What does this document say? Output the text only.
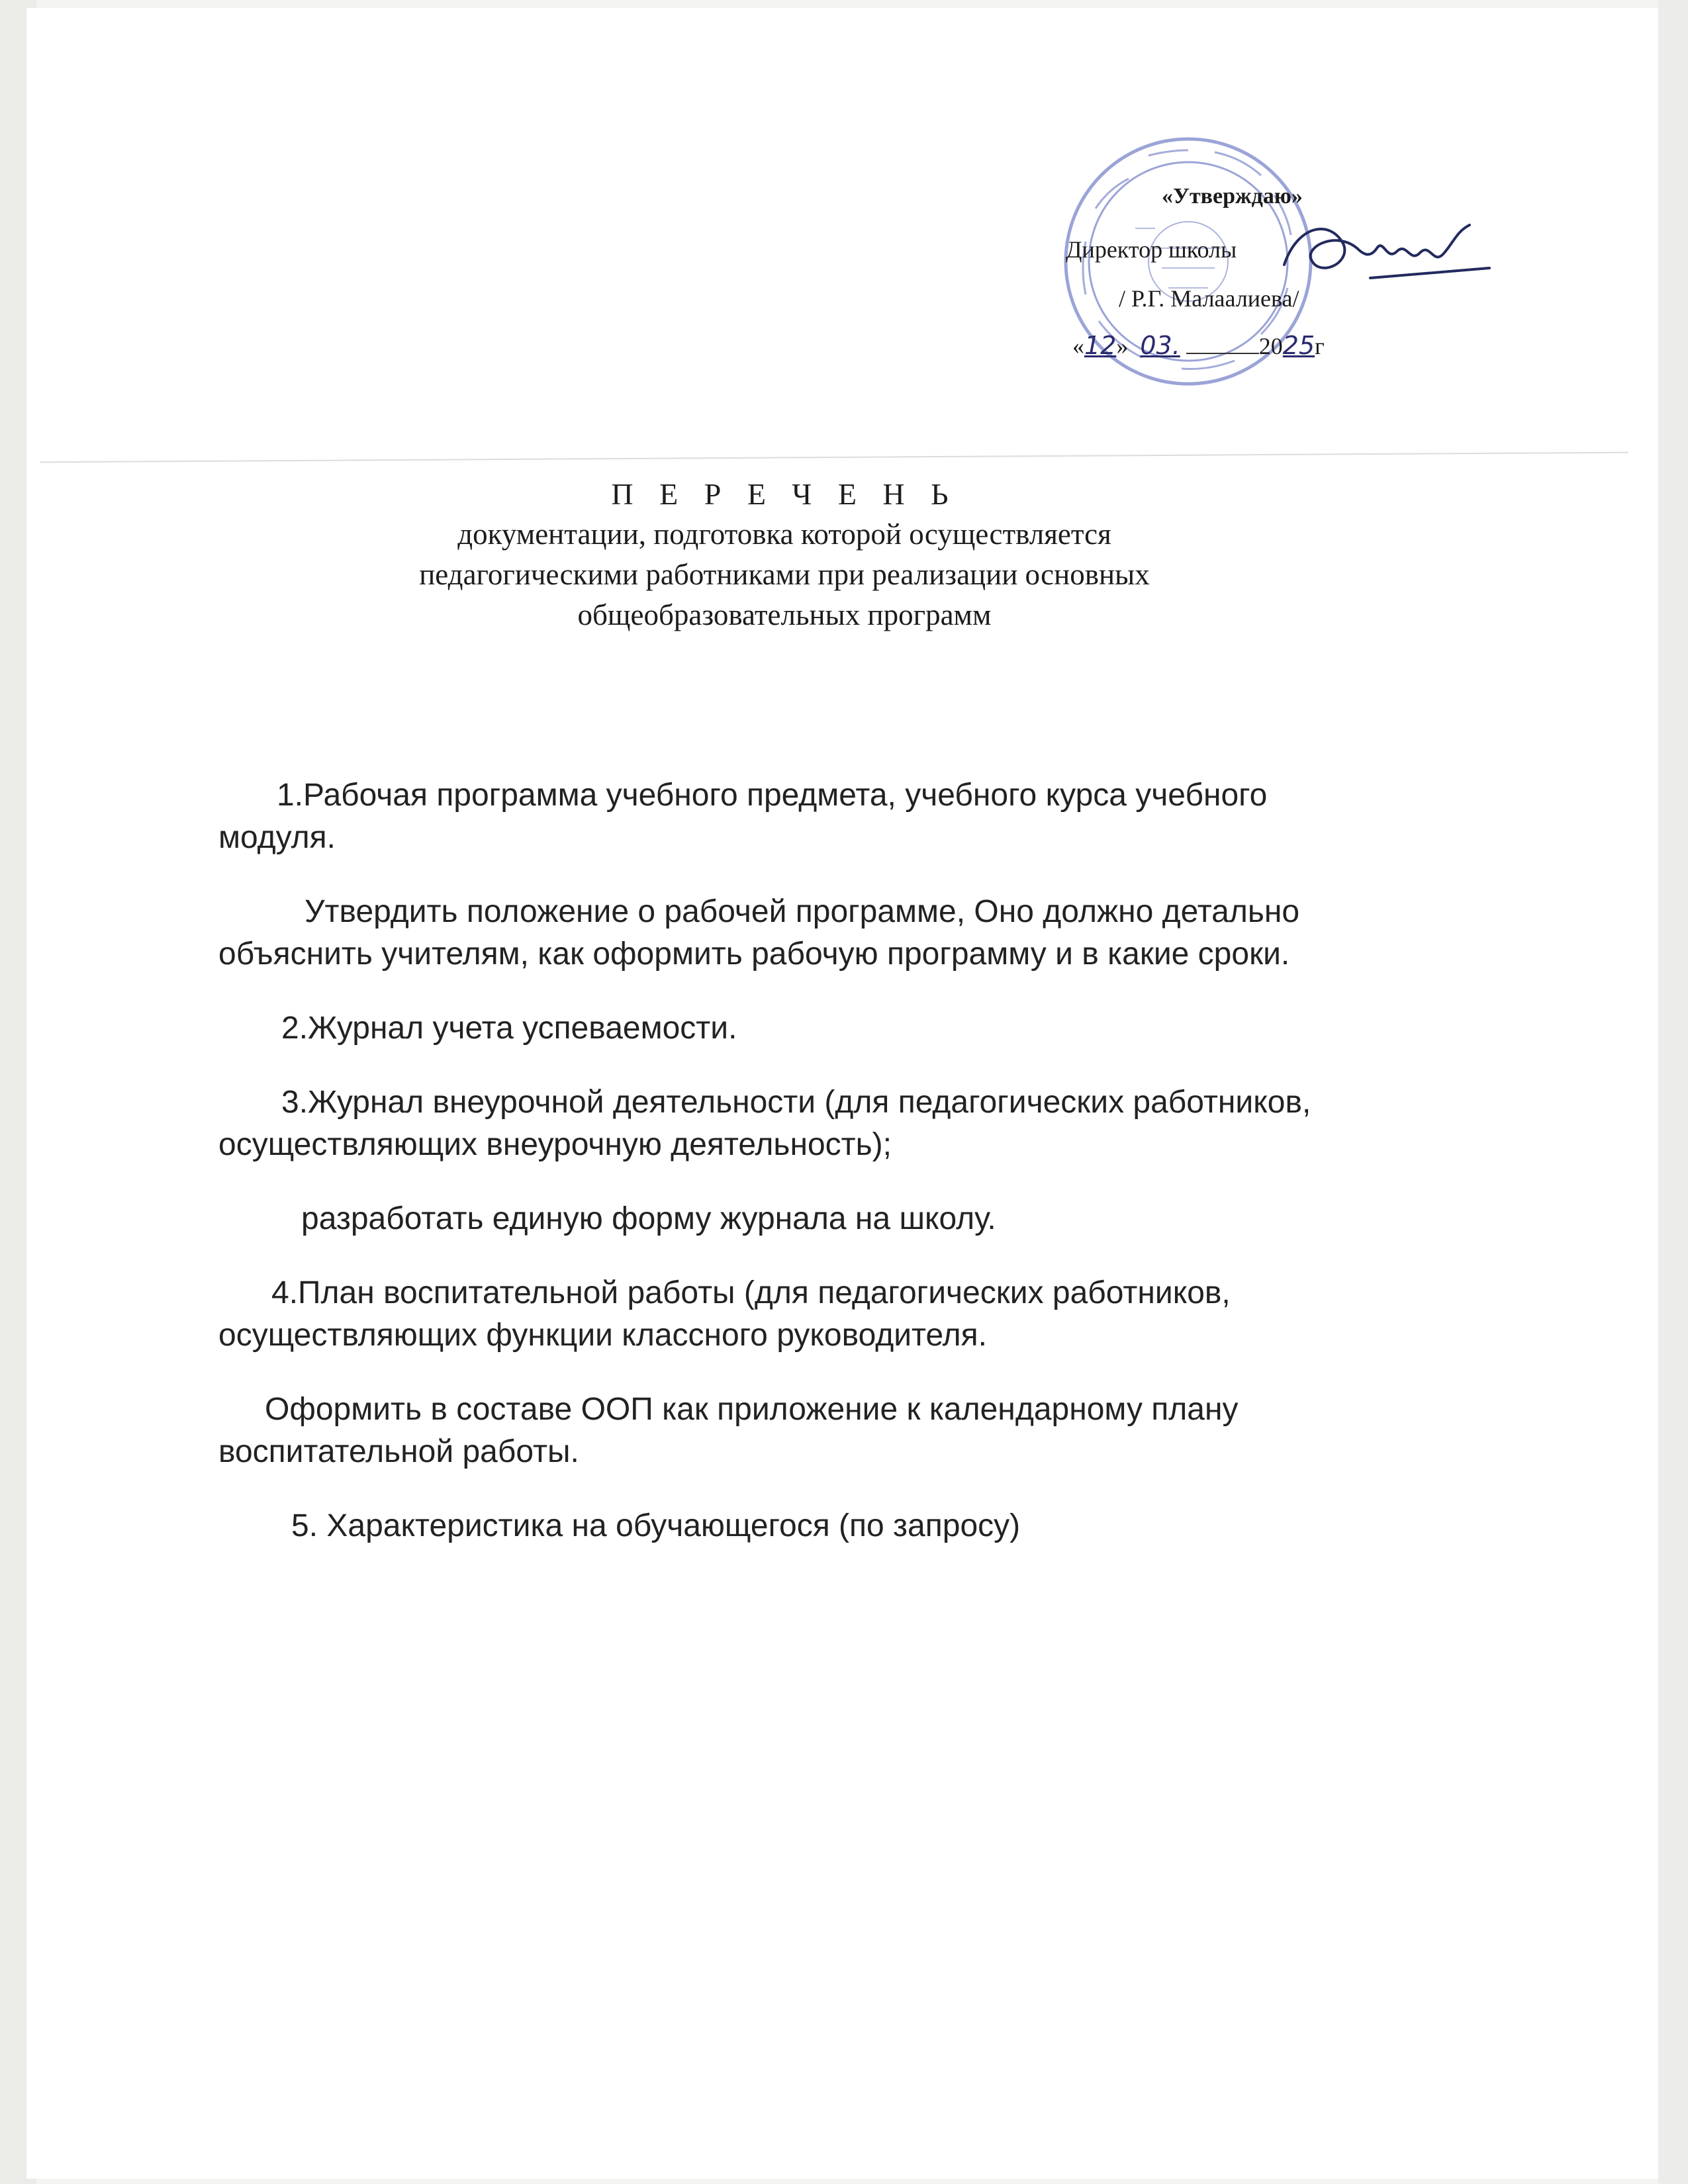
«Утверждаю»
Директор школы
/ Р.Г. Малаалиева/
«12» 03.	2025г
П Е Р Е Ч Е Н Ь

документации, подготовка которой осуществляется
педагогическими работниками при реализации основных
общеобразовательных программ

1.Рабочая программа учебного предмета, учебного курса учебного модуля.

Утвердить положение о рабочей программе, Оно должно детально объяснить учителям, как оформить рабочую программу и в какие сроки.

2.Журнал учета успеваемости.

3.Журнал внеурочной деятельности (для педагогических работников, осуществляющих внеурочную деятельность);

разработать единую форму журнала на школу.

4.План воспитательной работы (для педагогических работников, осуществляющих функции классного руководителя.

Оформить в составе ООП как приложение к календарному плану воспитательной работы.

5. Характеристика на обучающегося (по запросу)
